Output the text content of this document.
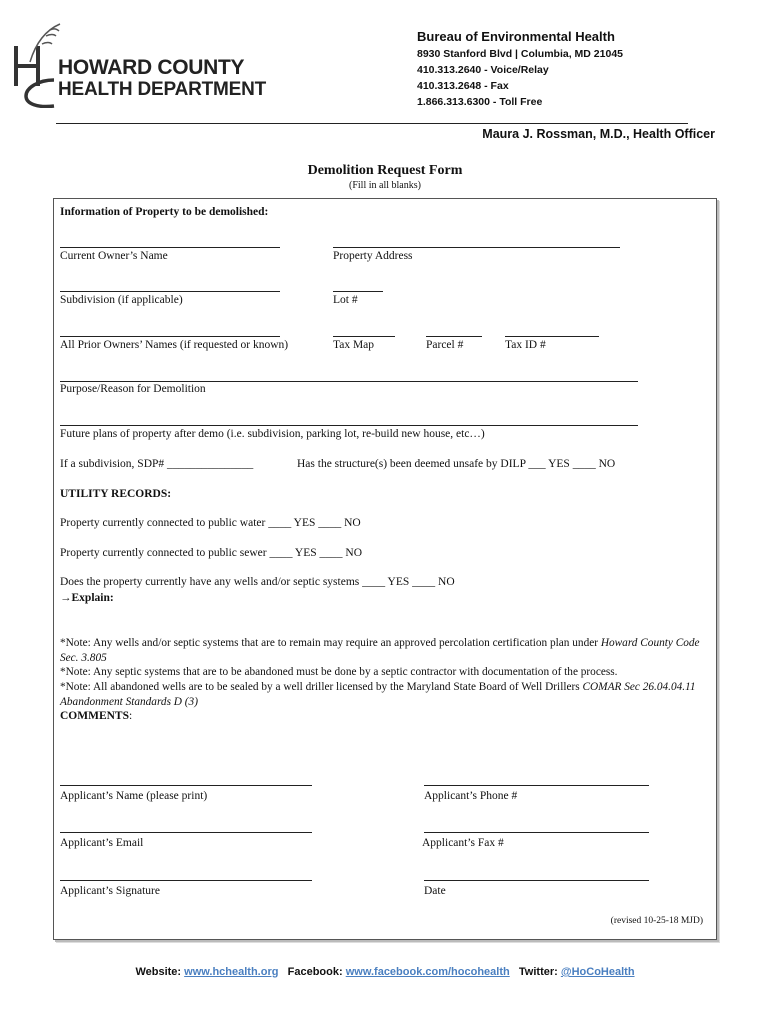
HOWARD COUNTY
HEALTH DEPARTMENT
Bureau of Environmental Health
8930 Stanford Blvd | Columbia, MD 21045
410.313.2640 - Voice/Relay
410.313.2648 - Fax
1.866.313.6300 - Toll Free
Maura J. Rossman, M.D., Health Officer
Demolition Request Form
(Fill in all blanks)
Information of Property to be demolished:
Current Owner’s Name	Property Address
Subdivision (if applicable)	Lot #
All Prior Owners’ Names (if requested or known)	Tax Map	Parcel #	Tax ID #
Purpose/Reason for Demolition
Future plans of property after demo (i.e. subdivision, parking lot, re-build new house, etc…)
If a subdivision, SDP# _______________	Has the structure(s) been deemed unsafe by DILP ___ YES ____ NO
UTILITY RECORDS:
Property currently connected to public water ____ YES ____ NO
Property currently connected to public sewer ____ YES ____ NO
Does the property currently have any wells and/or septic systems ____ YES ____ NO
→Explain:
*Note: Any wells and/or septic systems that are to remain may require an approved percolation certification plan under Howard County Code Sec. 3.805
*Note: Any septic systems that are to be abandoned must be done by a septic contractor with documentation of the process.
*Note: All abandoned wells are to be sealed by a well driller licensed by the Maryland State Board of Well Drillers COMAR Sec 26.04.04.11 Abandonment Standards D (3)
COMMENTS:
Applicant’s Name (please print)	Applicant’s Phone #
Applicant’s Email	Applicant’s Fax #
Applicant’s Signature	Date
(revised 10-25-18 MJD)
Website: www.hchealth.org Facebook: www.facebook.com/hocohealth Twitter: @HoCoHealth
